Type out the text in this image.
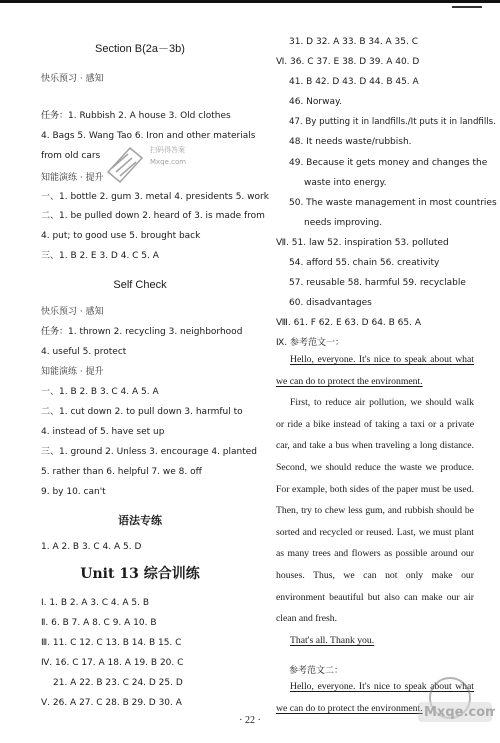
Section B(2a－3b)
快乐预习 · 感知
任务：1. Rubbish 2. A house 3. Old clothes
4. Bags 5. Wang Tao 6. Iron and other materials
from old cars
知能演练 · 提升
一、1. bottle 2. gum 3. metal 4. presidents 5. work
二、1. be pulled down 2. heard of 3. is made from
4. put; to good use 5. brought back
三、1. B 2. E 3. D 4. C 5. A
Self Check
快乐预习 · 感知
任务：1. thrown 2. recycling 3. neighborhood
4. useful 5. protect
知能演练 · 提升
一、1. B 2. B 3. C 4. A 5. A
二、1. cut down 2. to pull down 3. harmful to
4. instead of 5. have set up
三、1. ground 2. Unless 3. encourage 4. planted
5. rather than 6. helpful 7. we 8. off
9. by 10. can't
语法专练
1. A 2. B 3. C 4. A 5. D
Unit 13 综合训练
Ⅰ. 1. B 2. A 3. C 4. A 5. B
Ⅱ. 6. B 7. A 8. C 9. A 10. B
Ⅲ. 11. C 12. C 13. B 14. B 15. C
Ⅳ. 16. C 17. A 18. A 19. B 20. C
21. A 22. B 23. C 24. D 25. D
Ⅴ. 26. A 27. C 28. B 29. D 30. A
31. D 32. A 33. B 34. A 35. C
Ⅵ. 36. C 37. E 38. D 39. A 40. D
41. B 42. D 43. D 44. B 45. A
46. Norway.
47. By putting it in landfills./It puts it in landfills.
48. It needs waste/rubbish.
49. Because it gets money and changes the
waste into energy.
50. The waste management in most countries
needs improving.
Ⅶ. 51. law 52. inspiration 53. polluted
54. afford 55. chain 56. creativity
57. reusable 58. harmful 59. recyclable
60. disadvantages
Ⅷ. 61. F 62. E 63. D 64. B 65. A
Ⅸ. 参考范文一：

Hello, everyone. It's nice to speak about what we can do to protect the environment.

First, to reduce air pollution, we should walk or ride a bike instead of taking a taxi or a private car, and take a bus when traveling a long distance. Second, we should reduce the waste we produce. For example, both sides of the paper must be used. Then, try to chew less gum, and rubbish should be sorted and recycled or reused. Last, we must plant as many trees and flowers as possible around our houses. Thus, we can not only make our environment beautiful but also can make our air clean and fresh.

That's all. Thank you.

参考范文二：

Hello, everyone. It's nice to speak about what we can do to protect the environment.

· 22 ·
扫码得答案
Mxqe.com
Mxqe.com
